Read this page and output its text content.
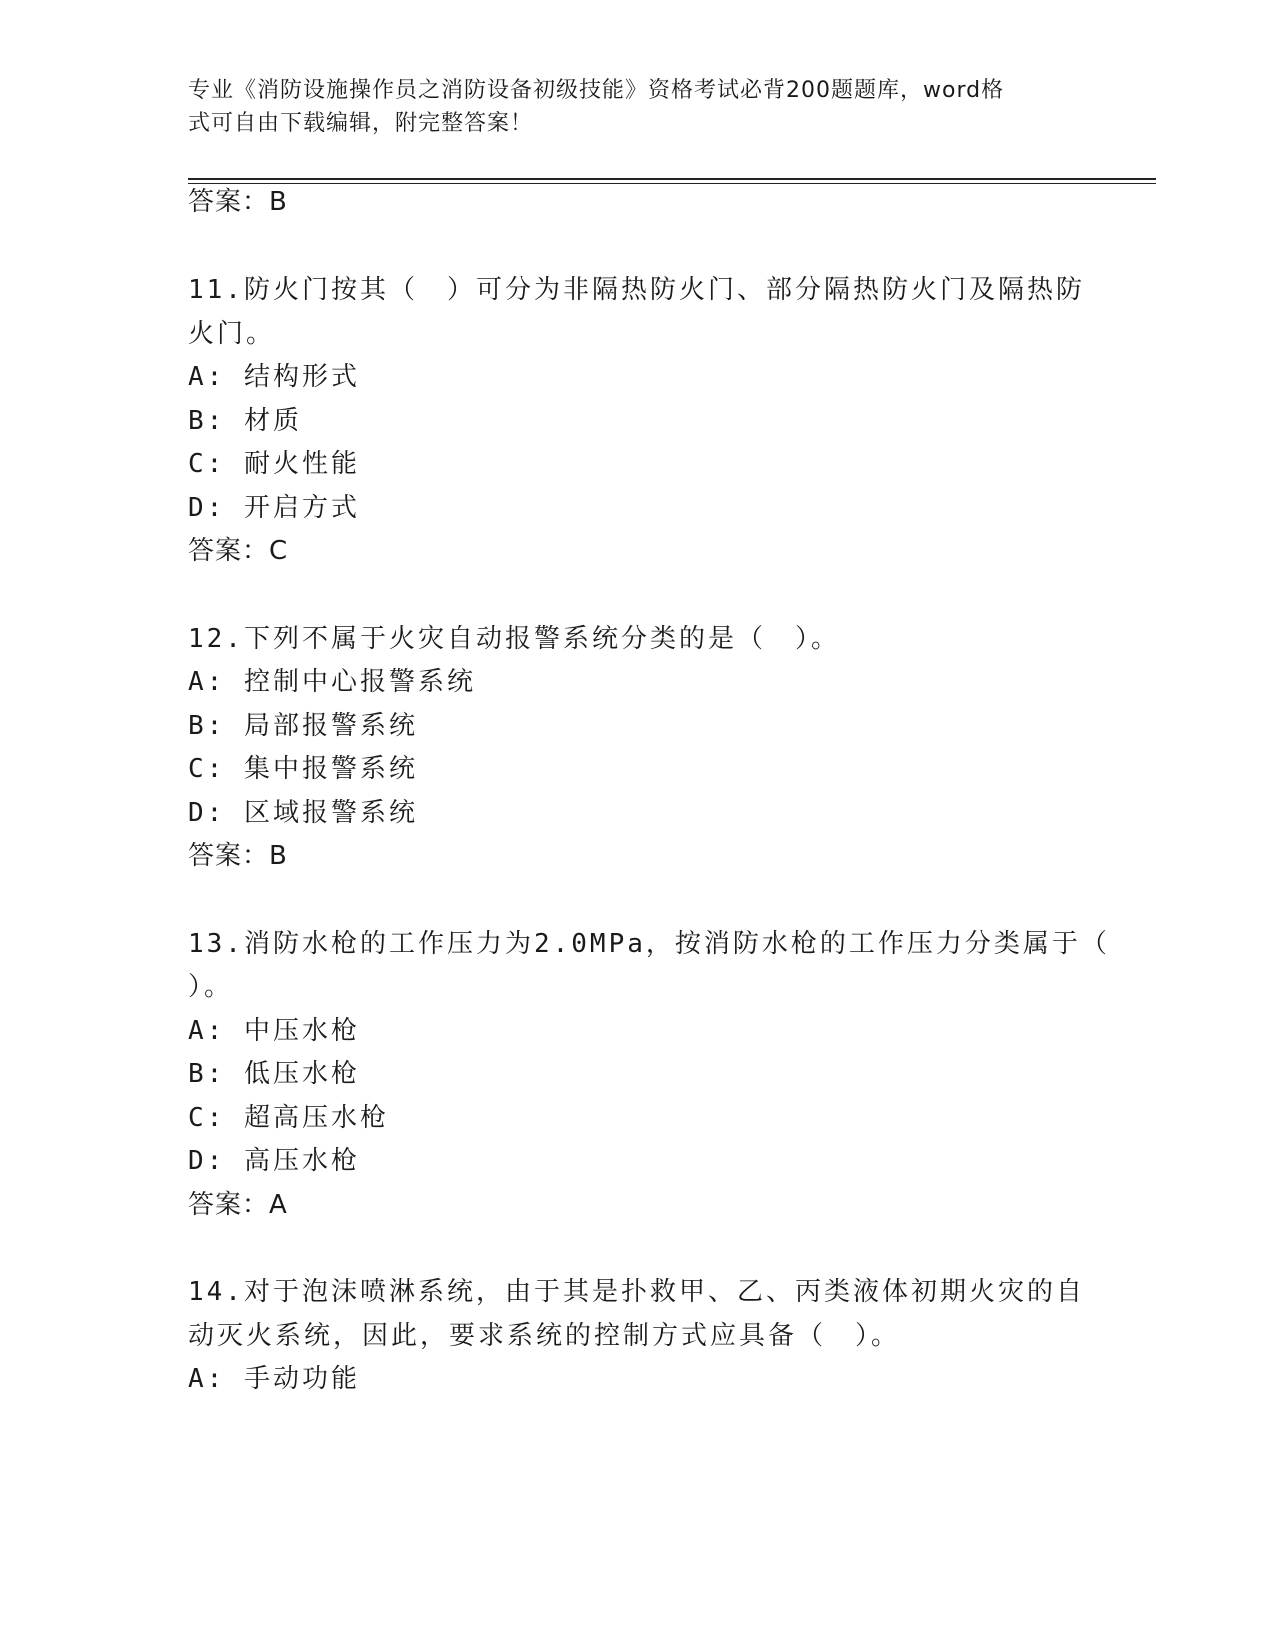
专业《消防设施操作员之消防设备初级技能》资格考试必背200题题库，word格
式可自由下载编辑，附完整答案！
答案：B
11.防火门按其（　）可分为非隔热防火门、部分隔热防火门及隔热防
火门。
A: 结构形式
B: 材质
C: 耐火性能
D: 开启方式
答案：C
12.下列不属于火灾自动报警系统分类的是（　）。
A: 控制中心报警系统
B: 局部报警系统
C: 集中报警系统
D: 区域报警系统
答案：B
13.消防水枪的工作压力为2.0MPa，按消防水枪的工作压力分类属于（
）。
A: 中压水枪
B: 低压水枪
C: 超高压水枪
D: 高压水枪
答案：A
14.对于泡沫喷淋系统，由于其是扑救甲、乙、丙类液体初期火灾的自
动灭火系统，因此，要求系统的控制方式应具备（　）。
A: 手动功能
